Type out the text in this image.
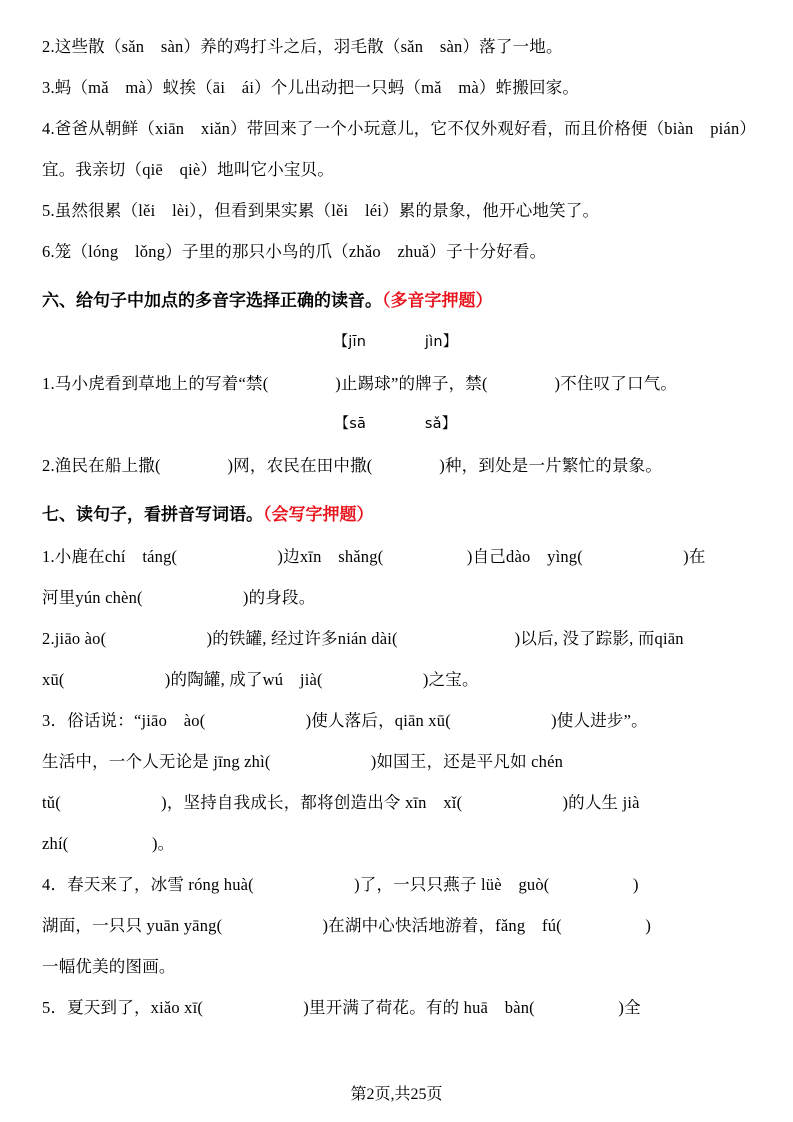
2.这些散（sǎn　sàn）养的鸡打斗之后，羽毛散（sǎn　sàn）落了一地。
3.蚂（mǎ　mà）蚁挨（āi　ái）个儿出动把一只蚂（mǎ　mà）蚱搬回家。
4.爸爸从朝鲜（xiān　xiǎn）带回来了一个小玩意儿，它不仅外观好看，而且价格便（biàn　pián）宜。我亲切（qiē　qiè）地叫它小宝贝。
5.虽然很累（lěi　lèi），但看到果实累（lěi　léi）累的景象，他开心地笑了。
6.笼（lóng　lǒng）子里的那只小鸟的爪（zhǎo　zhuǎ）子十分好看。
六、给句子中加点的多音字选择正确的读音。（多音字押题）
【jīn　　　　jìn】
1.马小虎看到草地上的写着“禁(　　　　)止踢球”的牌子，禁(　　　　)不住叹了口气。
【sā　　　　sǎ】
2.渔民在船上撒(　　　　)网，农民在田中撒(　　　　)种，到处是一片繁忙的景象。
七、读句子，看拼音写词语。（会写字押题）
1.小鹿在chí　táng(　　　　　　)边xīn　shǎng(　　　　　)自己dào　yìng(　　　　　　)在
河里yún chèn(　　　　　　)的身段。
2.jiāo ào(　　　　　　)的铁罐, 经过许多nián dài(　　　　　　　)以后, 没了踪影, 而qiān
xū(　　　　　　)的陶罐, 成了wú　jià(　　　　　　)之宝。
3．俗话说：“jiāo　ào(　　　　　　)使人落后，qiān xū(　　　　　　)使人进步”。
生活中，一个人无论是 jīng zhì(　　　　　　)如国王，还是平凡如 chén
tǔ(　　　　　　)，坚持自我成长，都将创造出令 xīn　xǐ(　　　　　　)的人生 jià
zhí(　　　　　)。
4．春天来了，冰雪 róng huà(　　　　　　)了，一只只燕子 lüè　guò(　　　　　)
湖面，一只只 yuān yāng(　　　　　　)在湖中心快活地游着，fǎng　fú(　　　　　)
一幅优美的图画。
5．夏天到了，xiǎo xī(　　　　　　)里开满了荷花。有的 huā　bàn(　　　　　)全
第2页,共25页
